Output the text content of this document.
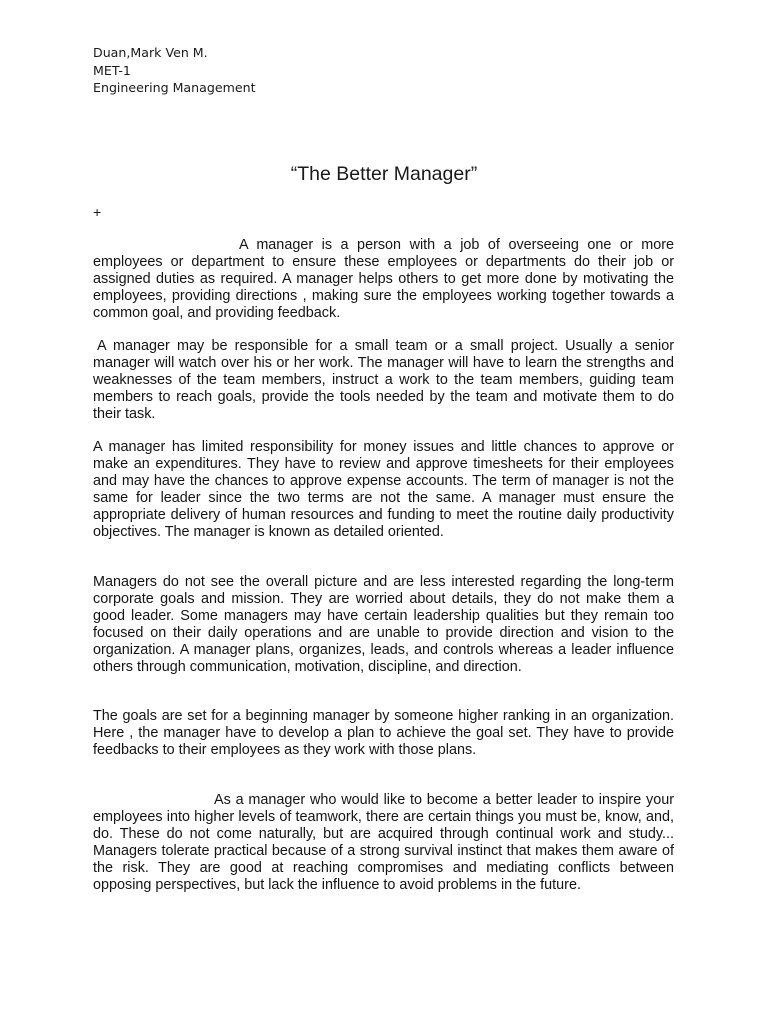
Duan,Mark Ven M.
MET-1
Engineering Management
“The Better Manager”
+

A manager is a person with a job of overseeing one or more employees or department to ensure these employees or departments do their job or assigned duties as required. A manager helps others to get more done by motivating the employees, providing directions , making sure the employees working together towards a common goal, and providing feedback.

A manager may be responsible for a small team or a small project. Usually a senior manager will watch over his or her work. The manager will have to learn the strengths and weaknesses of the team members, instruct a work to the team members, guiding team members to reach goals, provide the tools needed by the team and motivate them to do their task.

A manager has limited responsibility for money issues and little chances to approve or make an expenditures. They have to review and approve timesheets for their employees and may have the chances to approve expense accounts. The term of manager is not the same for leader since the two terms are not the same. A manager must ensure the appropriate delivery of human resources and funding to meet the routine daily productivity objectives. The manager is known as detailed oriented.

Managers do not see the overall picture and are less interested regarding the long-term corporate goals and mission. They are worried about details, they do not make them a good leader. Some managers may have certain leadership qualities but they remain too focused on their daily operations and are unable to provide direction and vision to the organization. A manager plans, organizes, leads, and controls whereas a leader influence others through communication, motivation, discipline, and direction.

The goals are set for a beginning manager by someone higher ranking in an organization. Here , the manager have to develop a plan to achieve the goal set. They have to provide feedbacks to their employees as they work with those plans.

As a manager who would like to become a better leader to inspire your employees into higher levels of teamwork, there are certain things you must be, know, and, do. These do not come naturally, but are acquired through continual work and study... Managers tolerate practical because of a strong survival instinct that makes them aware of the risk. They are good at reaching compromises and mediating conflicts between opposing perspectives, but lack the influence to avoid problems in the future.
